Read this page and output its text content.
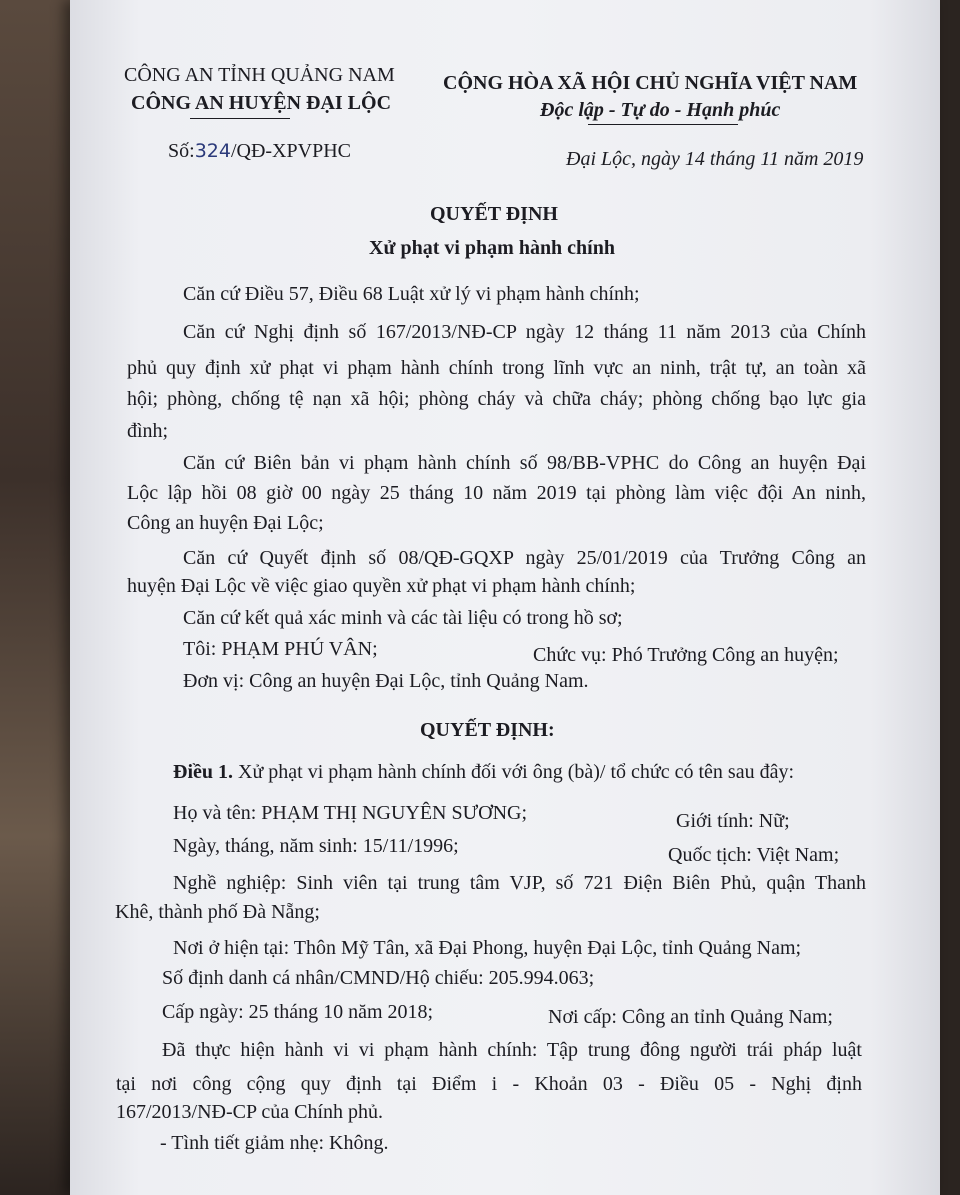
CÔNG AN TỈNH QUẢNG NAM
CÔNG AN HUYỆN ĐẠI LỘC
CỘNG HÒA XÃ HỘI CHỦ NGHĨA VIỆT NAM
Độc lập - Tự do - Hạnh phúc
Số:324/QĐ-XPVPHC	Đại Lộc, ngày 14 tháng 11 năm 2019
QUYẾT ĐỊNH
Xử phạt vi phạm hành chính
Căn cứ Điều 57, Điều 68 Luật xử lý vi phạm hành chính;
Căn cứ Nghị định số 167/2013/NĐ-CP ngày 12 tháng 11 năm 2013 của Chính
phủ quy định xử phạt vi phạm hành chính trong lĩnh vực an ninh, trật tự, an toàn xã
hội; phòng, chống tệ nạn xã hội; phòng cháy và chữa cháy; phòng chống bạo lực gia
đình;
Căn cứ Biên bản vi phạm hành chính số 98/BB-VPHC do Công an huyện Đại
Lộc lập hồi 08 giờ 00 ngày 25 tháng 10 năm 2019 tại phòng làm việc đội An ninh,
Công an huyện Đại Lộc;
Căn cứ Quyết định số 08/QĐ-GQXP ngày 25/01/2019 của Trưởng Công an
huyện Đại Lộc về việc giao quyền xử phạt vi phạm hành chính;
Căn cứ kết quả xác minh và các tài liệu có trong hồ sơ;
Tôi: PHẠM PHÚ VÂN;	Chức vụ: Phó Trưởng Công an huyện;
Đơn vị: Công an huyện Đại Lộc, tỉnh Quảng Nam.
QUYẾT ĐỊNH:
Điều 1. Xử phạt vi phạm hành chính đối với ông (bà)/ tổ chức có tên sau đây:
Họ và tên: PHẠM THỊ NGUYÊN SƯƠNG;	Giới tính: Nữ;
Ngày, tháng, năm sinh: 15/11/1996;	Quốc tịch: Việt Nam;
Nghề nghiệp: Sinh viên tại trung tâm VJP, số 721 Điện Biên Phủ, quận Thanh
Khê, thành phố Đà Nẵng;
Nơi ở hiện tại: Thôn Mỹ Tân, xã Đại Phong, huyện Đại Lộc, tỉnh Quảng Nam;
Số định danh cá nhân/CMND/Hộ chiếu: 205.994.063;
Cấp ngày: 25 tháng 10 năm 2018;	Nơi cấp: Công an tỉnh Quảng Nam;
Đã thực hiện hành vi vi phạm hành chính: Tập trung đông người trái pháp luật
tại nơi công cộng quy định tại Điểm i - Khoản 03 - Điều 05 - Nghị định
167/2013/NĐ-CP của Chính phủ.
- Tình tiết giảm nhẹ: Không.
